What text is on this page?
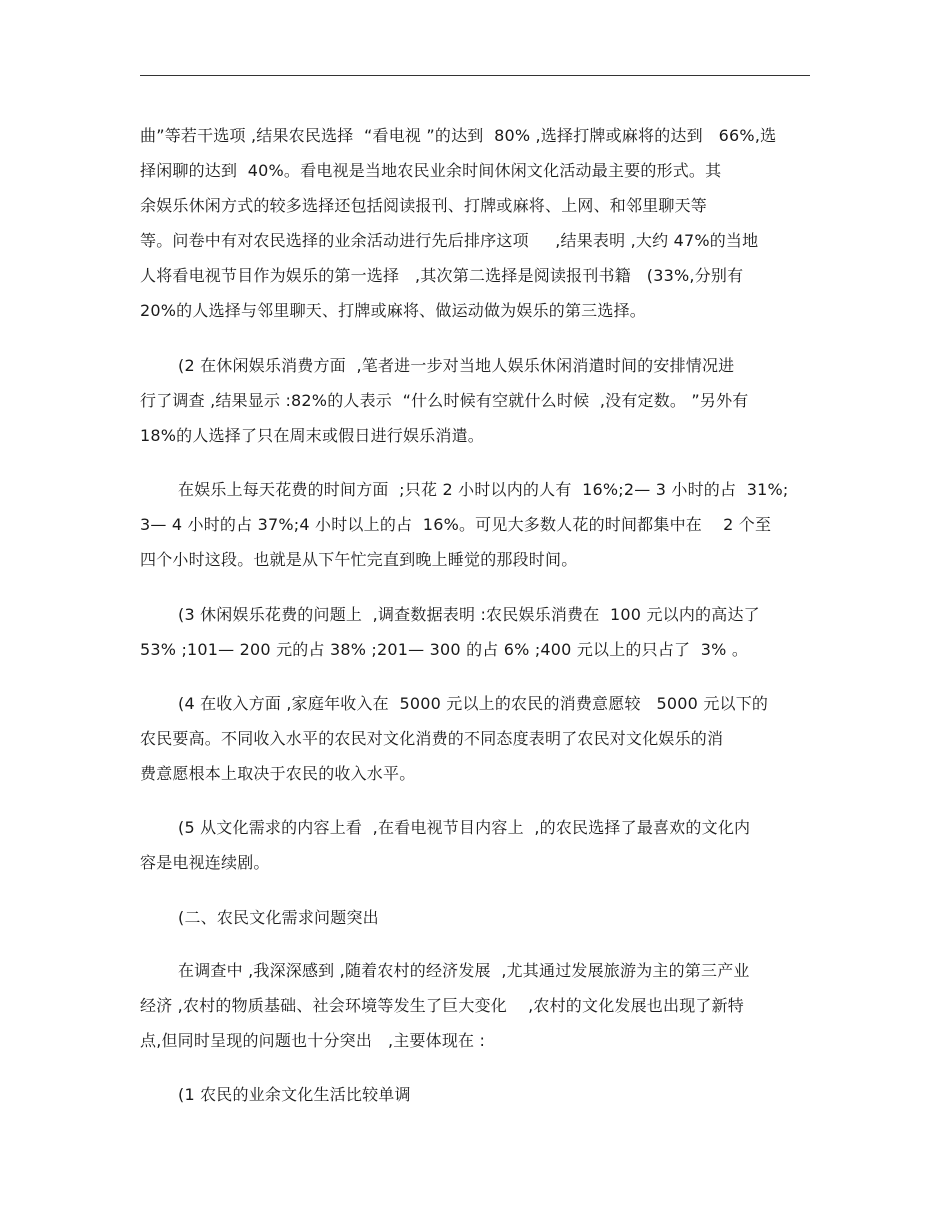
曲”等若干选项 ,结果农民选择  “看电视 ”的达到  80% ,选择打牌或麻将的达到   66%,选
择闲聊的达到  40%。看电视是当地农民业余时间休闲文化活动最主要的形式。其
余娱乐休闲方式的较多选择还包括阅读报刊、打牌或麻将、上网、和邻里聊天等
等。问卷中有对农民选择的业余活动进行先后排序这项     ,结果表明 ,大约 47%的当地
人将看电视节目作为娱乐的第一选择   ,其次第二选择是阅读报刊书籍   (33%,分别有
20%的人选择与邻里聊天、打牌或麻将、做运动做为娱乐的第三选择。
(2 在休闲娱乐消费方面  ,笔者进一步对当地人娱乐休闲消遣时间的安排情况进
行了调查 ,结果显示 :82%的人表示  “什么时候有空就什么时候  ,没有定数。 ”另外有
18%的人选择了只在周末或假日进行娱乐消遣。
在娱乐上每天花费的时间方面  ;只花 2 小时以内的人有  16%;2— 3 小时的占  31%;
3— 4 小时的占 37%;4 小时以上的占  16%。可见大多数人花的时间都集中在    2 个至
四个小时这段。也就是从下午忙完直到晚上睡觉的那段时间。
(3 休闲娱乐花费的问题上  ,调查数据表明 :农民娱乐消费在  100 元以内的高达了
53% ;101— 200 元的占 38% ;201— 300 的占 6% ;400 元以上的只占了  3% 。
(4 在收入方面 ,家庭年收入在  5000 元以上的农民的消费意愿较   5000 元以下的
农民要高。不同收入水平的农民对文化消费的不同态度表明了农民对文化娱乐的消
费意愿根本上取决于农民的收入水平。
(5 从文化需求的内容上看  ,在看电视节目内容上  ,的农民选择了最喜欢的文化内
容是电视连续剧。
(二、农民文化需求问题突出
在调查中 ,我深深感到 ,随着农村的经济发展  ,尤其通过发展旅游为主的第三产业
经济 ,农村的物质基础、社会环境等发生了巨大变化    ,农村的文化发展也出现了新特
点,但同时呈现的问题也十分突出   ,主要体现在 :
(1 农民的业余文化生活比较单调
